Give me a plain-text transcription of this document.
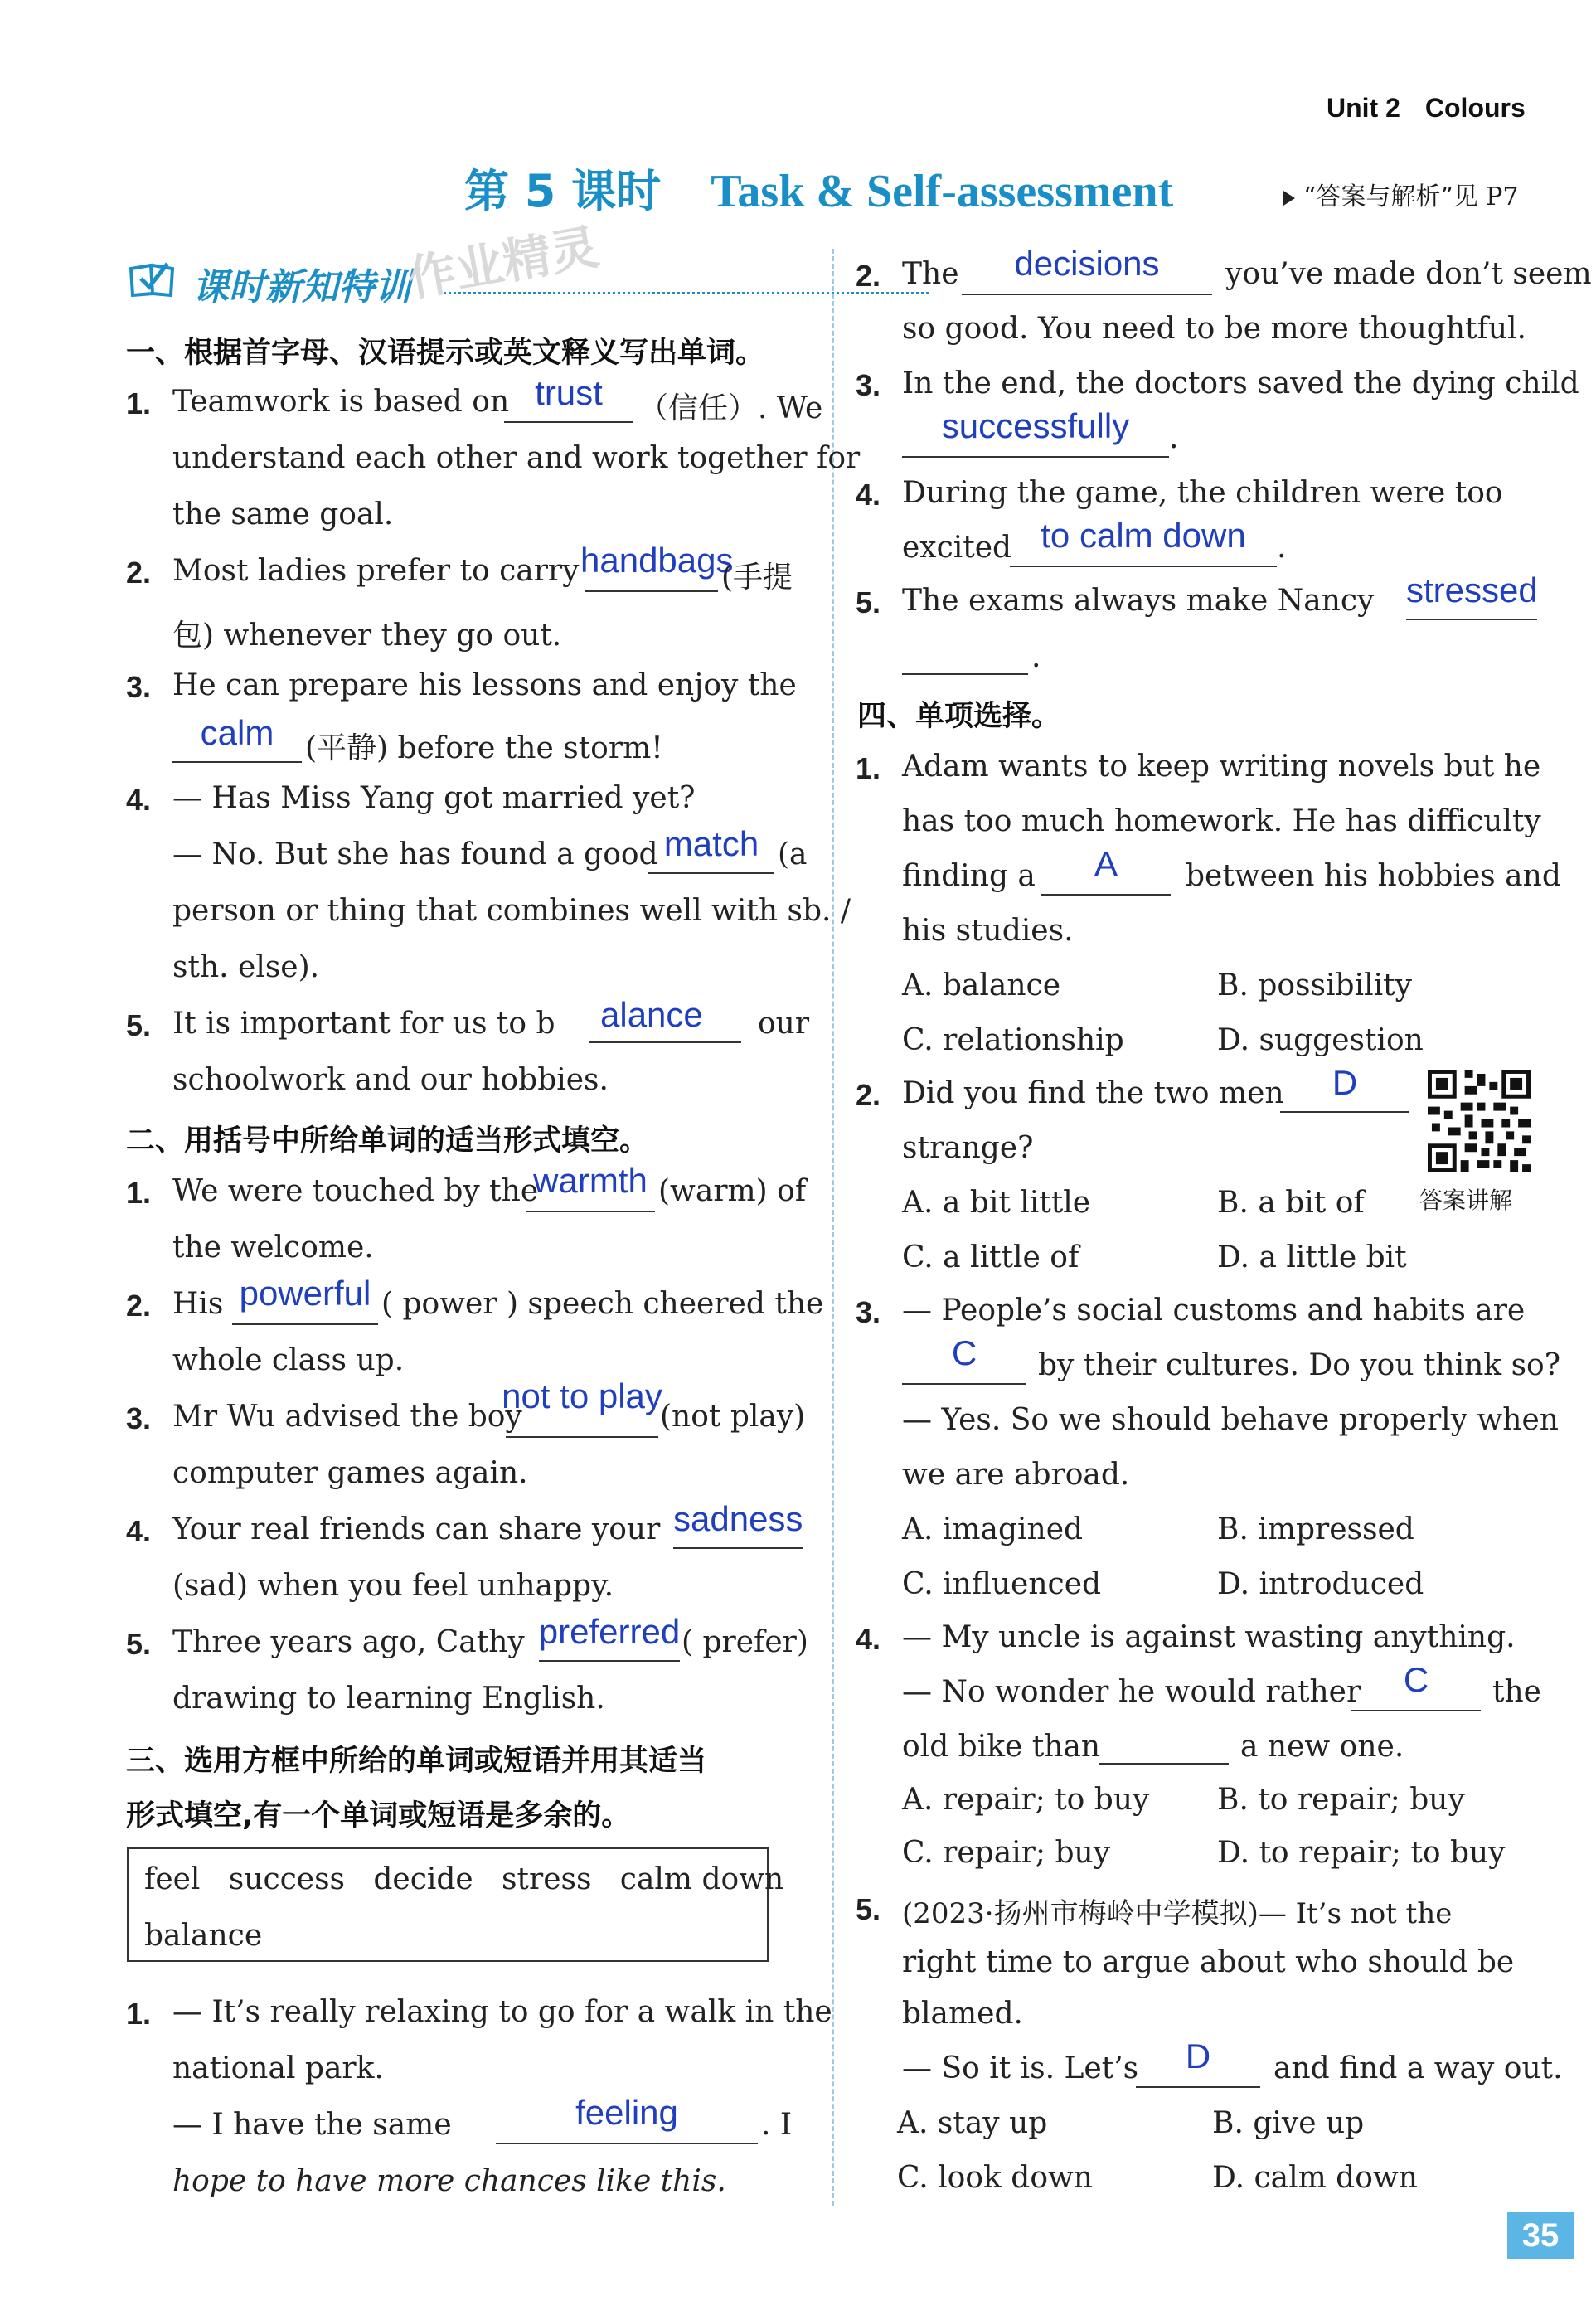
Unit 2 Colours
第 5 课时 Task & Self-assessment	“答案与解析”见 P7
课时新知特训
作业精灵
一、根据首字母、汉语提示或英文释义写出单词。
1. Teamwork is based on trust	（信任）. We
understand each other and work together for
the same goal.
2. Most ladies prefer to carry handbags
(手提
包) whenever they go out.
3. He can prepare his lessons and enjoy the
calm	(平静) before the storm!
4. — Has Miss Yang got married yet?
— No. But she has found a good match (a
person or thing that combines well with sb. /
sth. else).
5. It is important for us to b alance	our
schoolwork and our hobbies.
二、用括号中所给单词的适当形式填空。
1. We were touched by the
warmth (warm) of
the welcome.
2. His powerful ( power ) speech cheered the
whole class up.
3. Mr Wu advised the boy
not to play
(not play)
computer games again.
4. Your real friends can share your sadness
(sad) when you feel unhappy.
5. Three years ago, Cathy preferred ( prefer)
drawing to learning English.
三、选用方框中所给的单词或短语并用其适当
形式填空,有一个单词或短语是多余的。
feel   success   decide   stress   calm down
balance
1. — It’s really relaxing to go for a walk in the
national park.
— I have the same	feeling	. I
hope to have more chances like this.
2. The	decisions	you’ve made don’t seem
so good. You need to be more thoughtful.
3. In the end, the doctors saved the dying child
successfully	.
4. During the game, the children were too
excited to calm down	.
5. The exams always make Nancy stressed
.
四、单项选择。
1. Adam wants to keep writing novels but he
has too much homework. He has difficulty
finding a	A	between his hobbies and
his studies.
A. balance	B. possibility
C. relationship	D. suggestion
2. Did you find the two men	D
strange?
答案讲解
A. a bit little	B. a bit of
C. a little of	D. a little bit
3. — People’s social customs and habits are
C	by their cultures. Do you think so?
— Yes. So we should behave properly when
we are abroad.
A. imagined	B. impressed
C. influenced	D. introduced
4. — My uncle is against wasting anything.
— No wonder he would rather	C	the
old bike than	a new one.
A. repair; to buy B. to repair; buy
C. repair; buy	D. to repair; to buy
5. (2023·扬州市梅岭中学模拟)— It’s not the
right time to argue about who should be
blamed.
— So it is. Let’s	D	and find a way out.
A. stay up	B. give up
C. look down	D. calm down
35
